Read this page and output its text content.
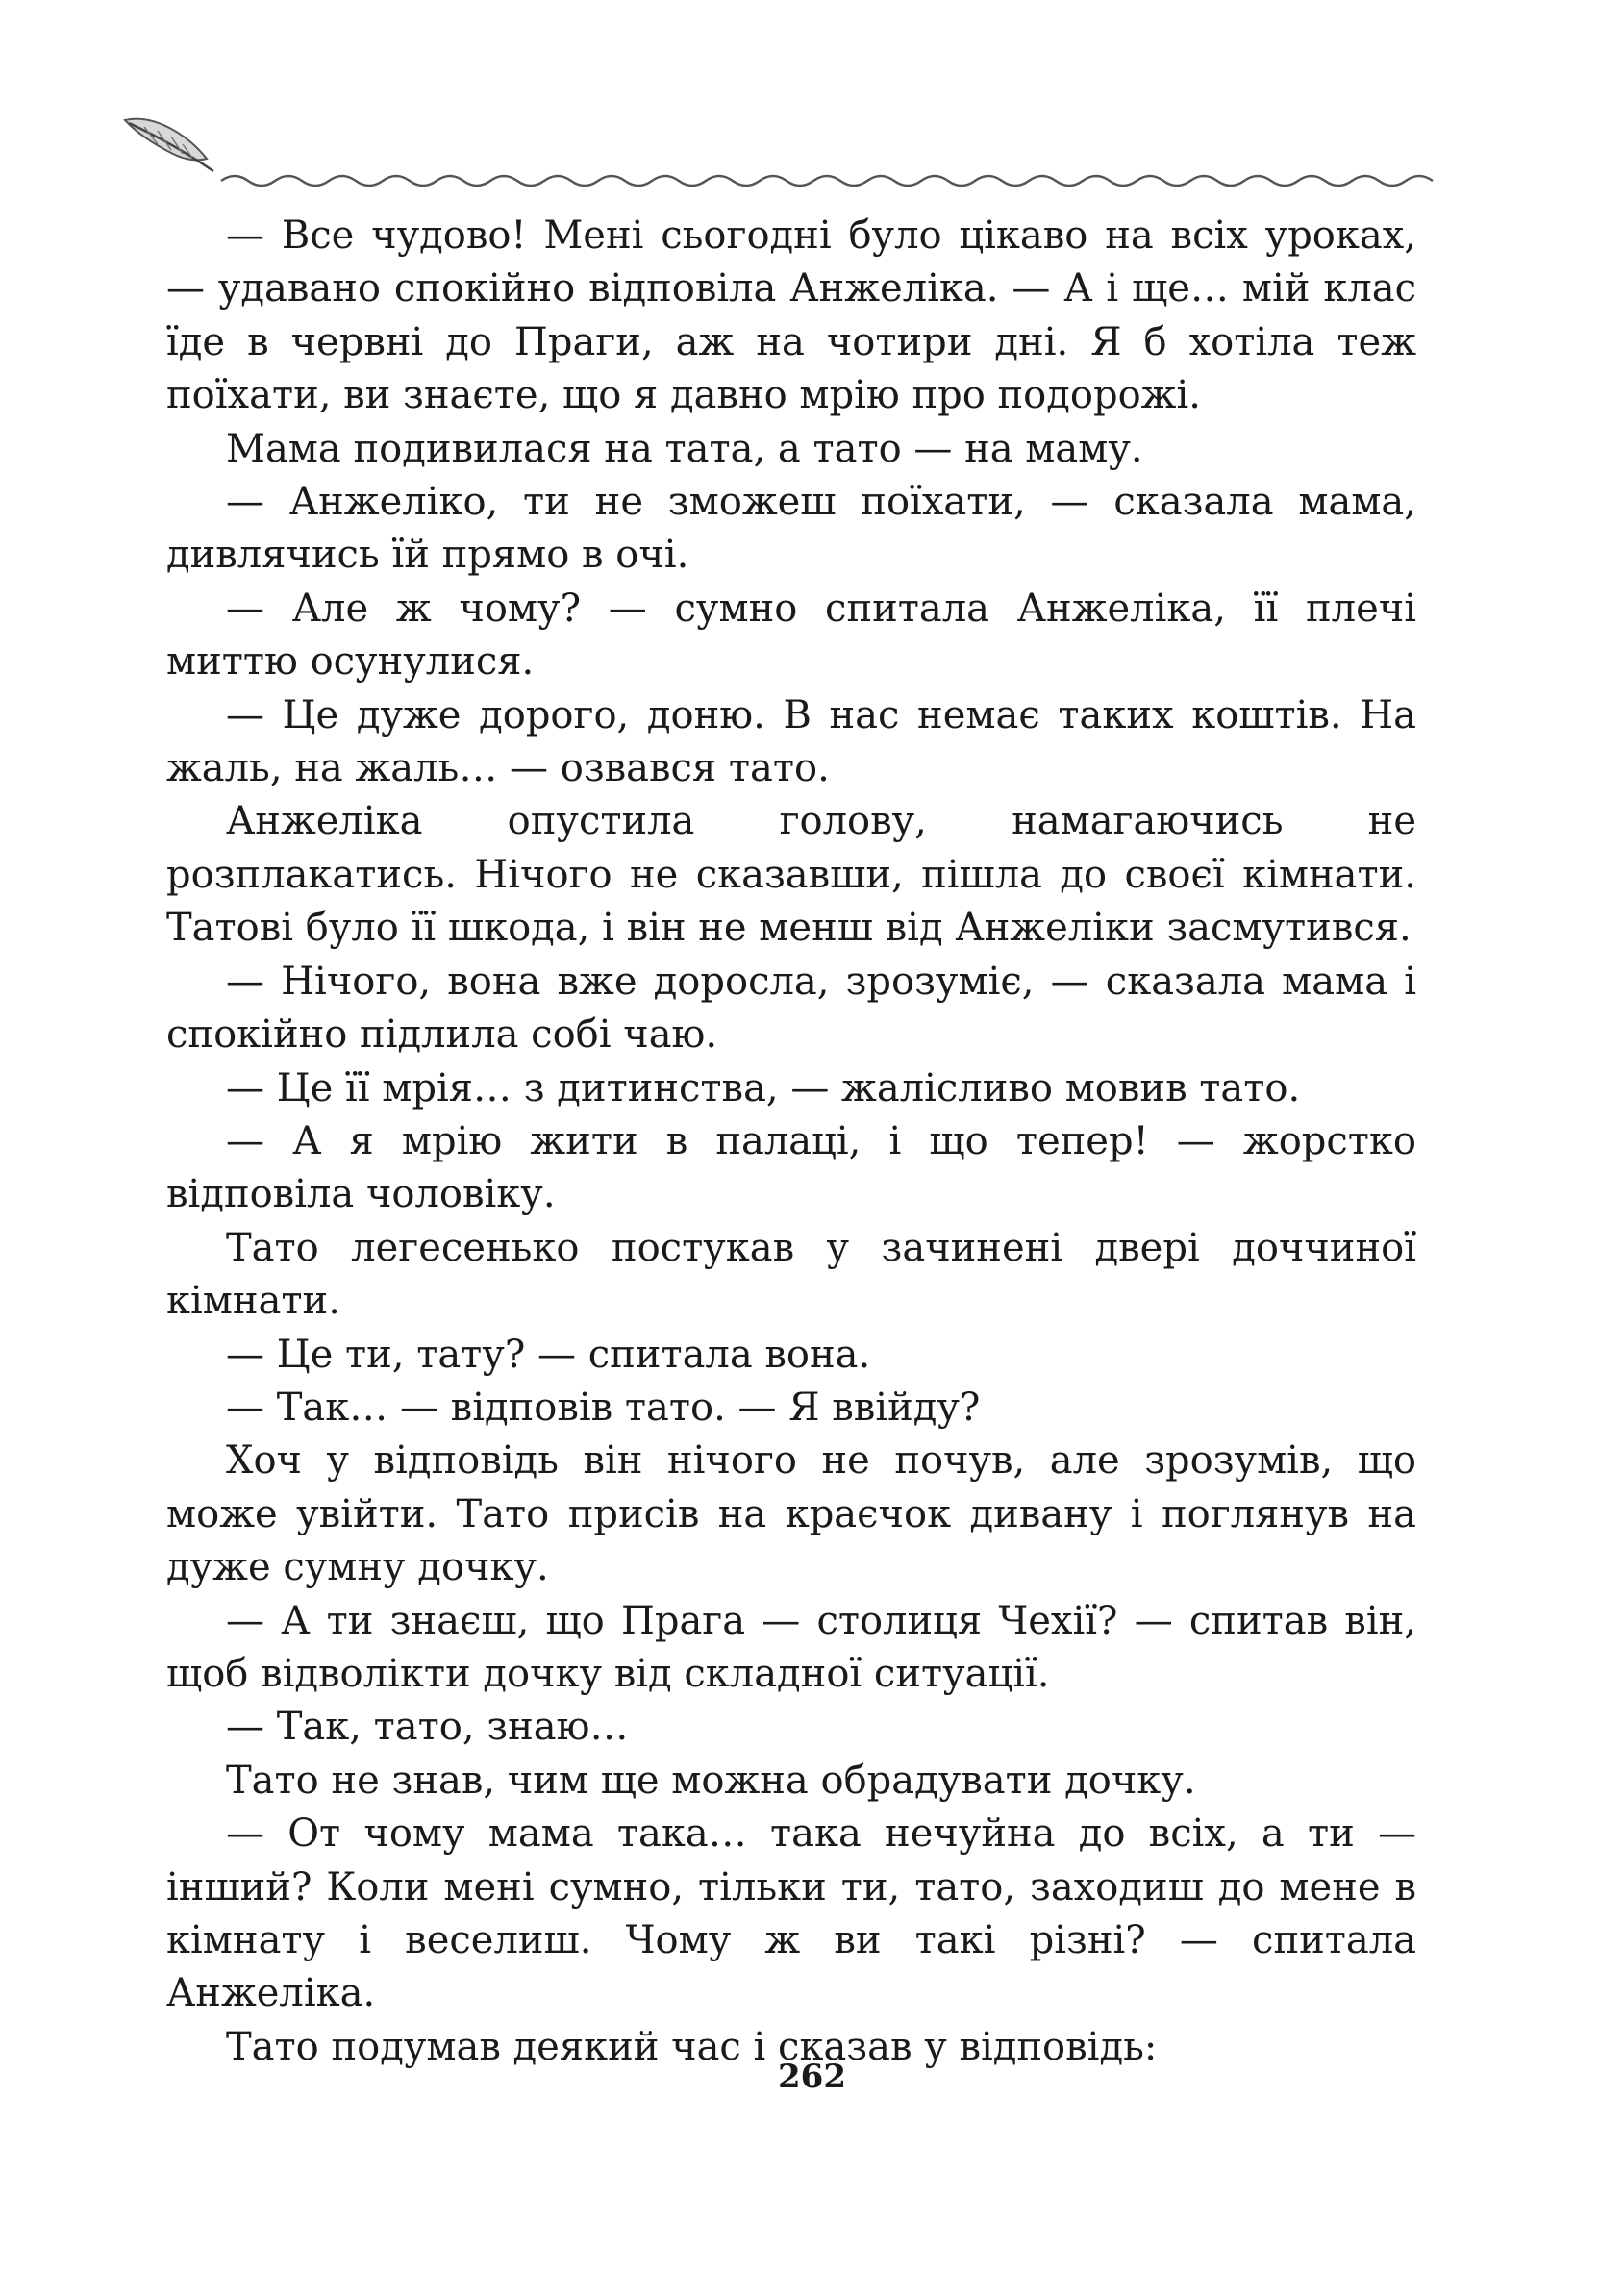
— Все чудово! Мені сьогодні було цікаво на всіх уроках, — удавано спокійно відповіла Анжеліка. — А і ще… мій клас їде в червні до Праги, аж на чотири дні. Я б хотіла теж поїхати, ви знаєте, що я давно мрію про подорожі.

Мама подивилася на тата, а тато — на маму.

— Анжеліко, ти не зможеш поїхати, — сказала мама, дивлячись їй прямо в очі.

— Але ж чому? — сумно спитала Анжеліка, її плечі миттю осунулися.

— Це дуже дорого, доню. В нас немає таких коштів. На жаль, на жаль… — озвався тато.

Анжеліка опустила голову, намагаючись не розплакатись. Нічого не сказавши, пішла до своєї кімнати. Татові було її шкода, і він не менш від Анжеліки засмутився.

— Нічого, вона вже доросла, зрозуміє, — сказала мама і спокійно підлила собі чаю.

— Це її мрія… з дитинства, — жалісливо мовив тато.

— А я мрію жити в палаці, і що тепер! — жорстко відповіла чоловіку.

Тато легесенько постукав у зачинені двері доччиної кімнати.

— Це ти, тату? — спитала вона.

— Так… — відповів тато. — Я ввійду?

Хоч у відповідь він нічого не почув, але зрозумів, що може увійти. Тато присів на краєчок дивану і поглянув на дуже сумну дочку.

— А ти знаєш, що Прага — столиця Чехії? — спитав він, щоб відволікти дочку від складної ситуації.

— Так, тато, знаю…

Тато не знав, чим ще можна обрадувати дочку.

— От чому мама така… така нечуйна до всіх, а ти — інший? Коли мені сумно, тільки ти, тато, заходиш до мене в кімнату і веселиш. Чому ж ви такі різні? — спитала Анжеліка.

Тато подумав деякий час і сказав у відповідь:

262
